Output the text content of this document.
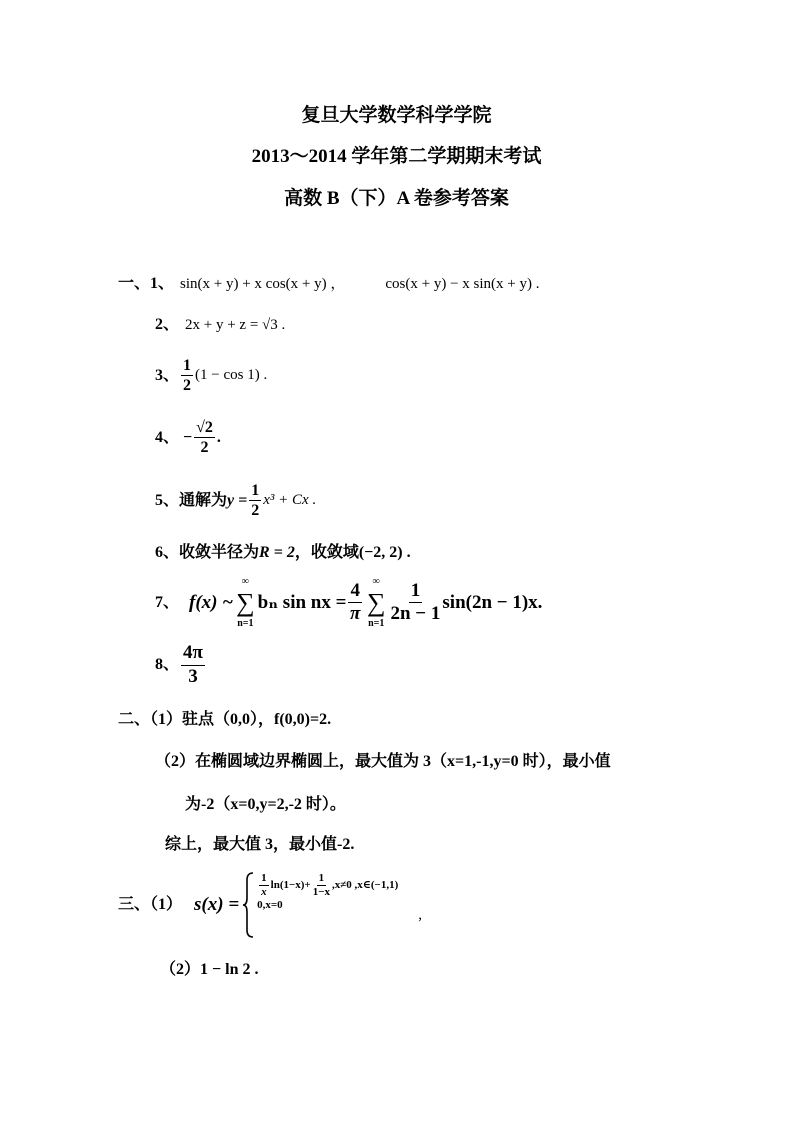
复旦大学数学科学学院
2013～2014 学年第二学期期末考试
高数 B（下）A 卷参考答案
一、1、 sin(x + y) + x cos(x + y) ，	cos(x + y) − x sin(x + y) .
2、 2x + y + z = √3 .
3、 $\frac{1}{2} (1 - \cos 1)$ .
4、 − $\frac{√2}{2}$ .
5、 通解为 $y = \frac{1}{2} x^3 + Cx$ .
6、 收敛半径为 R = 2 ，收敛域 (−2, 2) .
7、 f(x) ~
∞
∑
n=1
bₙ sin nx = $\frac{4}{\pi}$ ∞
∑
$n=1 \frac{1}{2n - 1} \sin(2n - 1)x$.
8、 $\frac{4\pi}{3}$
二、（1）驻点（0,0），f(0,0)=2.
（2）在椭圆域边界椭圆上，最大值为 3（x=1,-1,y=0 时），最小值
为-2（x=0,y=2,-2 时）。
综上，最大值 3，最小值-2.
三、（1） s(x) =
$\frac{1}{x} \ln(1-x)+ \frac{1}{1-x} ,x\ne 0$ ,x∈(−1,1)
0,x=0
,
（2）1 − ln 2 .
